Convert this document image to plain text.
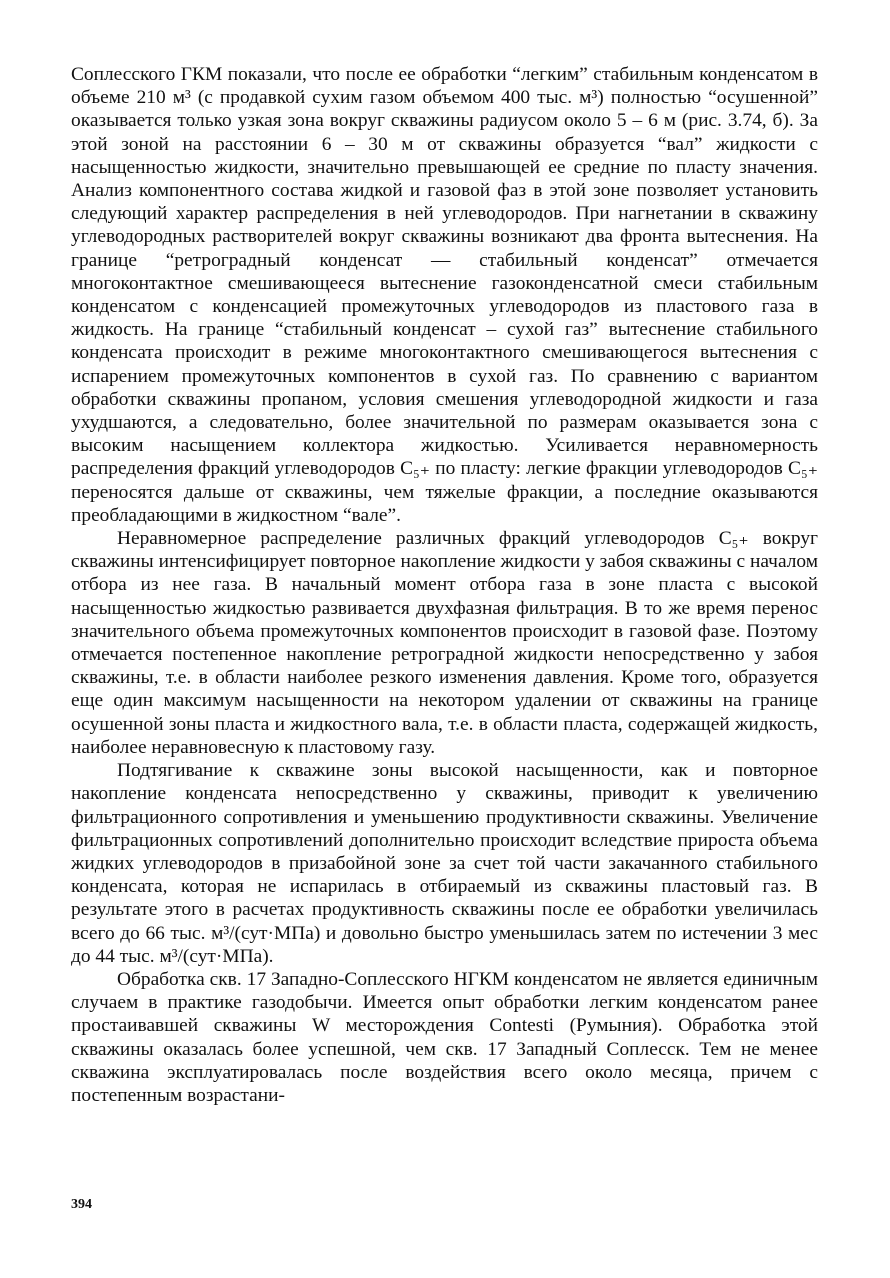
Соплесского ГКМ показали, что после ее обработки “легким” стабильным конденсатом в объеме 210 м³ (с продавкой сухим газом объемом 400 тыс. м³) полностью “осушенной” оказывается только узкая зона вокруг скважины радиусом около 5 – 6 м (рис. 3.74, б). За этой зоной на расстоянии 6 – 30 м от скважины образуется “вал” жидкости с насыщенностью жидкости, значительно превышающей ее средние по пласту значения. Анализ компонентного состава жидкой и газовой фаз в этой зоне позволяет установить следующий характер распределения в ней углеводородов. При нагнетании в скважину углеводородных растворителей вокруг скважины возникают два фронта вытеснения. На границе “ретроградный конденсат — стабильный конденсат” отмечается многоконтактное смешивающееся вытеснение газоконденсатной смеси стабильным конденсатом с конденсацией промежуточных углеводородов из пластового газа в жидкость. На границе “стабильный конденсат – сухой газ” вытеснение стабильного конденсата происходит в режиме многоконтактного смешивающегося вытеснения с испарением промежуточных компонентов в сухой газ. По сравнению с вариантом обработки скважины пропаном, условия смешения углеводородной жидкости и газа ухудшаются, а следовательно, более значительной по размерам оказывается зона с высоким насыщением коллектора жидкостью. Усиливается неравномерность распределения фракций углеводородов C₅₊ по пласту: легкие фракции углеводородов C₅₊ переносятся дальше от скважины, чем тяжелые фракции, а последние оказываются преобладающими в жидкостном “вале”.

Неравномерное распределение различных фракций углеводородов C₅₊ вокруг скважины интенсифицирует повторное накопление жидкости у забоя скважины с началом отбора из нее газа. В начальный момент отбора газа в зоне пласта с высокой насыщенностью жидкостью развивается двухфазная фильтрация. В то же время перенос значительного объема промежуточных компонентов происходит в газовой фазе. Поэтому отмечается постепенное накопление ретроградной жидкости непосредственно у забоя скважины, т.е. в области наиболее резкого изменения давления. Кроме того, образуется еще один максимум насыщенности на некотором удалении от скважины на границе осушенной зоны пласта и жидкостного вала, т.е. в области пласта, содержащей жидкость, наиболее неравновесную к пластовому газу.

Подтягивание к скважине зоны высокой насыщенности, как и повторное накопление конденсата непосредственно у скважины, приводит к увеличению фильтрационного сопротивления и уменьшению продуктивности скважины. Увеличение фильтрационных сопротивлений дополнительно происходит вследствие прироста объема жидких углеводородов в призабойной зоне за счет той части закачанного стабильного конденсата, которая не испарилась в отбираемый из скважины пластовый газ. В результате этого в расчетах продуктивность скважины после ее обработки увеличилась всего до 66 тыс. м³/(сут·МПа) и довольно быстро уменьшилась затем по истечении 3 мес до 44 тыс. м³/(сут·МПа).

Обработка скв. 17 Западно-Соплесского НГКМ конденсатом не является единичным случаем в практике газодобычи. Имеется опыт обработки легким конденсатом ранее простаивавшей скважины W месторождения Contesti (Румыния). Обработка этой скважины оказалась более успешной, чем скв. 17 Западный Соплесск. Тем не менее скважина эксплуатировалась после воздействия всего около месяца, причем с постепенным возрастани-

394
